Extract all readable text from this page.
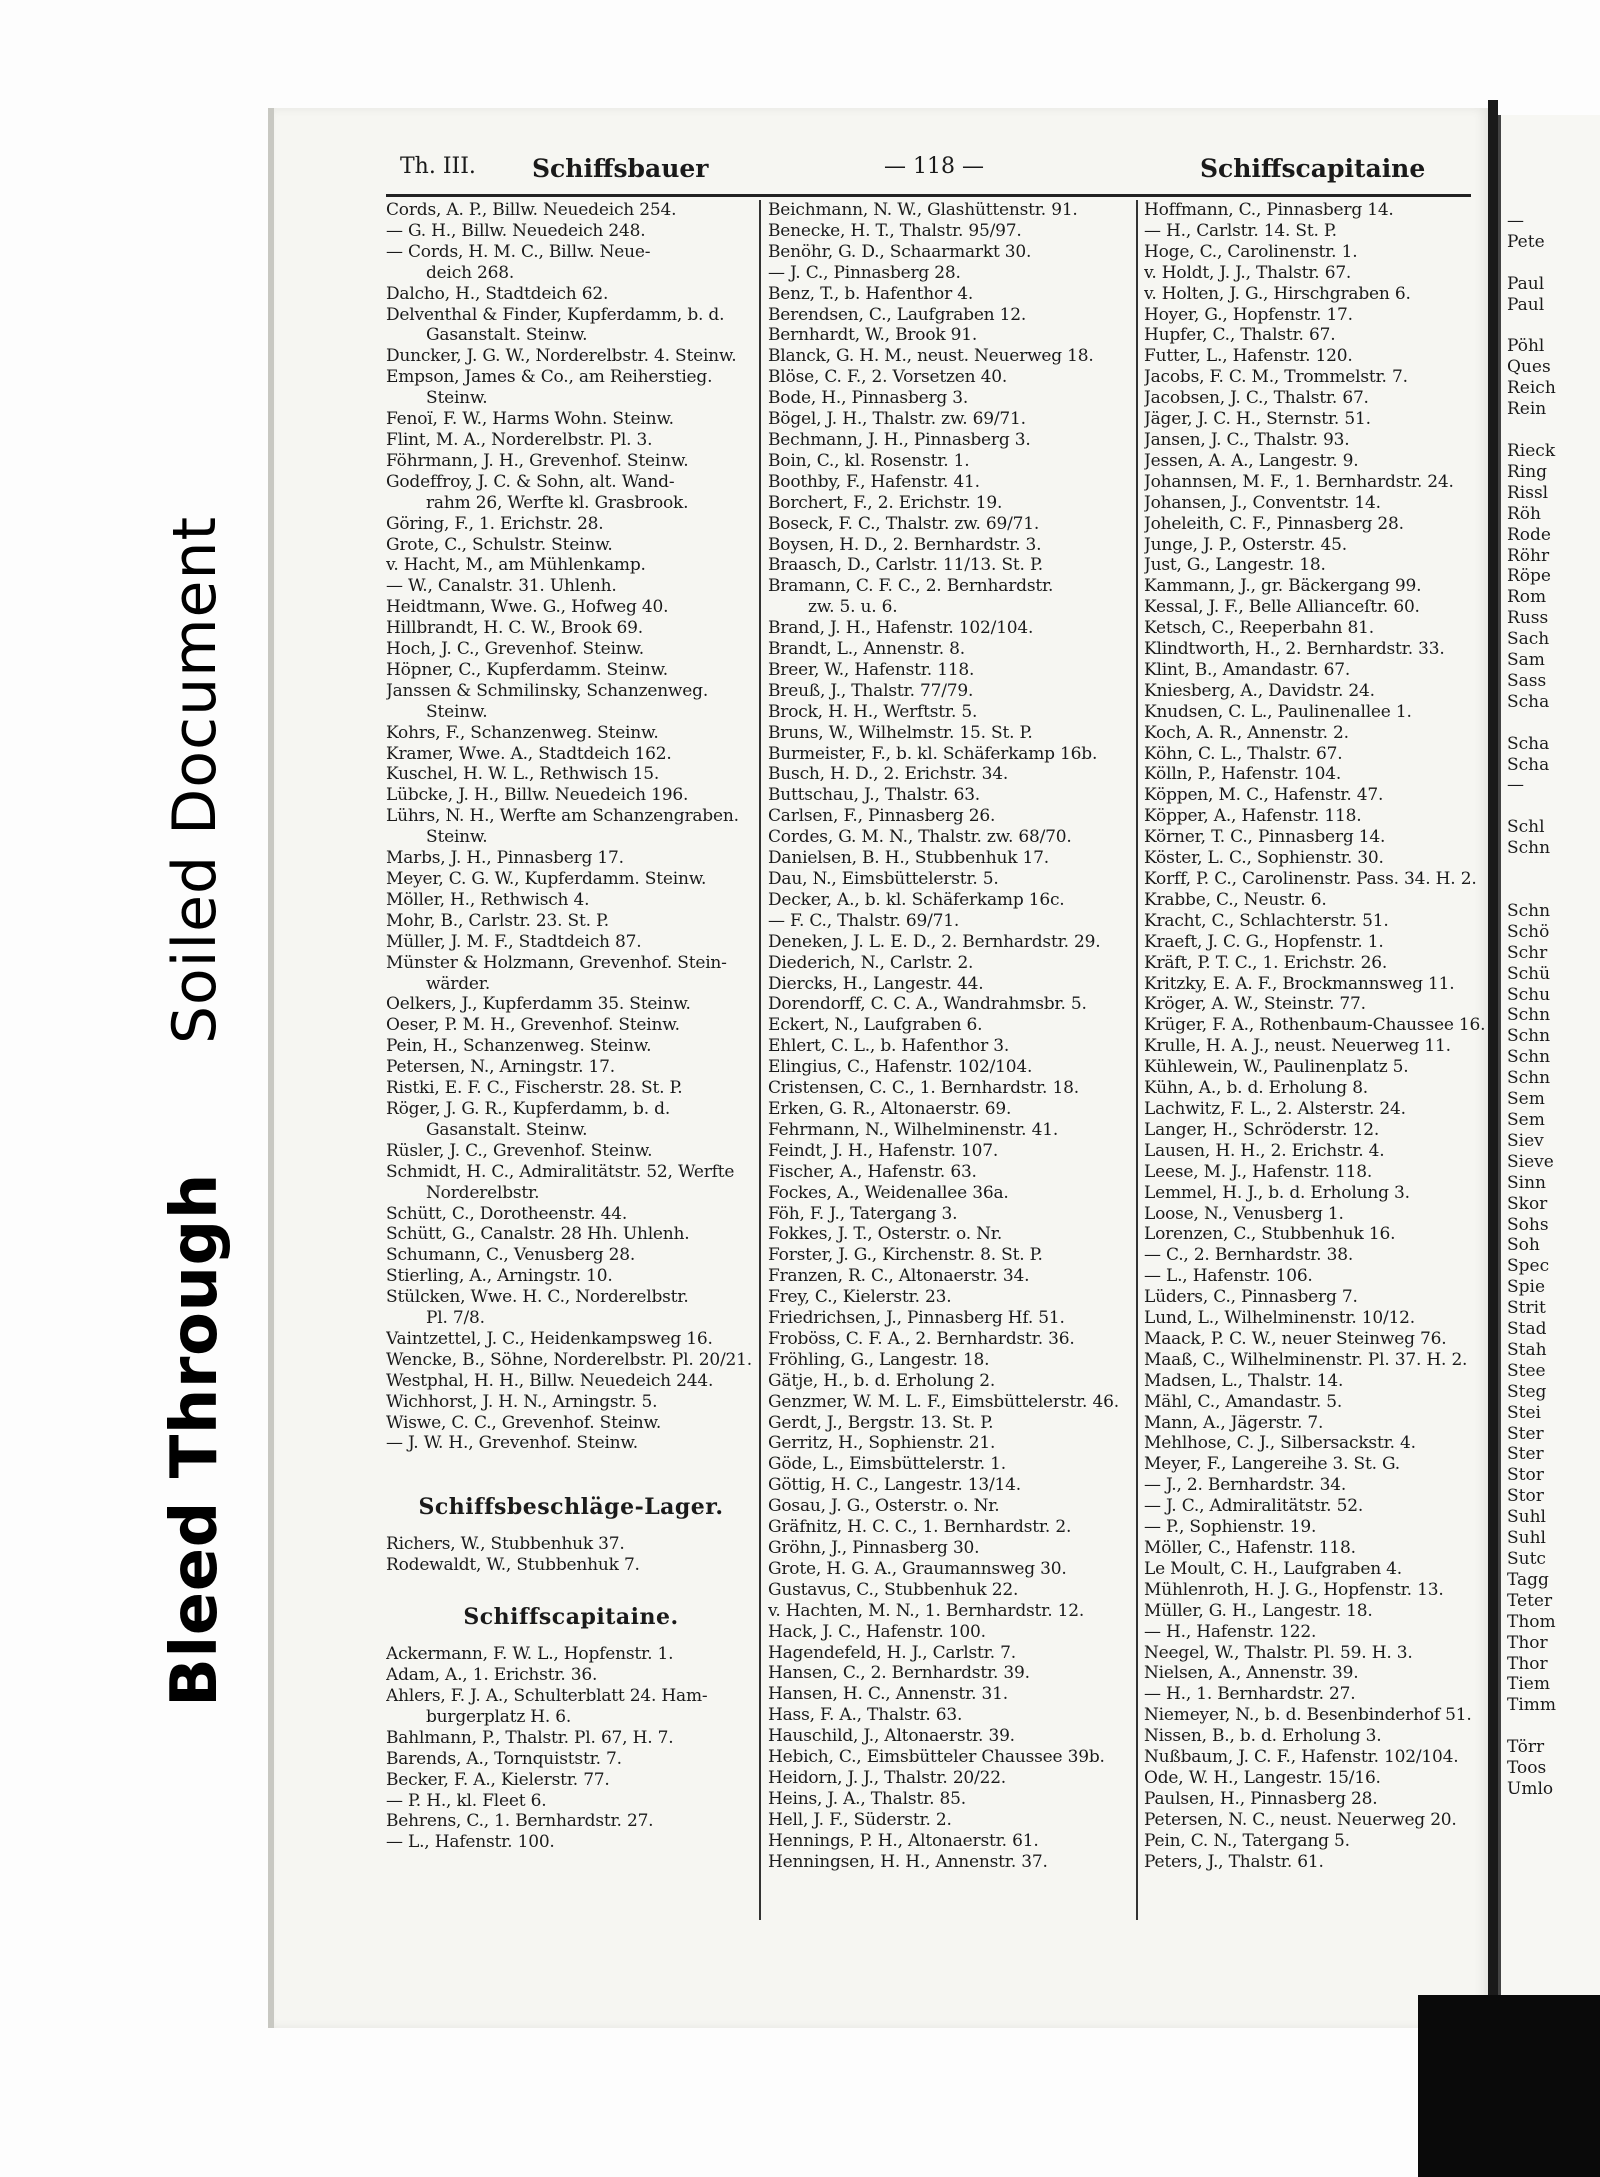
Th. III. Schiffsbauer	— 118 —	Schiffscapitaine
Cords, A. P., Billw. Neuedeich 254.
— G. H., Billw. Neuedeich 248.
— Cords, H. M. C., Billw. Neue-
deich 268.
Dalcho, H., Stadtdeich 62.
Delventhal & Finder, Kupferdamm, b. d.
Gasanstalt. Steinw.
Duncker, J. G. W., Norderelbstr. 4. Steinw.
Empson, James & Co., am Reiherstieg.
Steinw.
Fenoï, F. W., Harms Wohn. Steinw.
Flint, M. A., Norderelbstr. Pl. 3.
Föhrmann, J. H., Grevenhof. Steinw.
Godeffroy, J. C. & Sohn, alt. Wand-
rahm 26, Werfte kl. Grasbrook.
Göring, F., 1. Erichstr. 28.
Grote, C., Schulstr. Steinw.
v. Hacht, M., am Mühlenkamp.
— W., Canalstr. 31. Uhlenh.
Heidtmann, Wwe. G., Hofweg 40.
Hillbrandt, H. C. W., Brook 69.
Hoch, J. C., Grevenhof. Steinw.
Höpner, C., Kupferdamm. Steinw.
Janssen & Schmilinsky, Schanzenweg.
Steinw.
Kohrs, F., Schanzenweg. Steinw.
Kramer, Wwe. A., Stadtdeich 162.
Kuschel, H. W. L., Rethwisch 15.
Lübcke, J. H., Billw. Neuedeich 196.
Lührs, N. H., Werfte am Schanzengraben.
Steinw.
Marbs, J. H., Pinnasberg 17.
Meyer, C. G. W., Kupferdamm. Steinw.
Möller, H., Rethwisch 4.
Mohr, B., Carlstr. 23. St. P.
Müller, J. M. F., Stadtdeich 87.
Münster & Holzmann, Grevenhof. Stein-
wärder.
Oelkers, J., Kupferdamm 35. Steinw.
Oeser, P. M. H., Grevenhof. Steinw.
Pein, H., Schanzenweg. Steinw.
Petersen, N., Arningstr. 17.
Ristki, E. F. C., Fischerstr. 28. St. P.
Röger, J. G. R., Kupferdamm, b. d.
Gasanstalt. Steinw.
Rüsler, J. C., Grevenhof. Steinw.
Schmidt, H. C., Admiralitätstr. 52, Werfte
Norderelbstr.
Schütt, C., Dorotheenstr. 44.
Schütt, G., Canalstr. 28 Hh. Uhlenh.
Schumann, C., Venusberg 28.
Stierling, A., Arningstr. 10.
Stülcken, Wwe. H. C., Norderelbstr.
Pl. 7/8.
Vaintzettel, J. C., Heidenkampsweg 16.
Wencke, B., Söhne, Norderelbstr. Pl. 20/21.
Westphal, H. H., Billw. Neuedeich 244.
Wichhorst, J. H. N., Arningstr. 5.
Wiswe, C. C., Grevenhof. Steinw.
— J. W. H., Grevenhof. Steinw.
Schiffsbeschläge-Lager.
Richers, W., Stubbenhuk 37.
Rodewaldt, W., Stubbenhuk 7.
Schiffscapitaine.
Ackermann, F. W. L., Hopfenstr. 1.
Adam, A., 1. Erichstr. 36.
Ahlers, F. J. A., Schulterblatt 24. Ham-
burgerplatz H. 6.
Bahlmann, P., Thalstr. Pl. 67, H. 7.
Barends, A., Tornquiststr. 7.
Becker, F. A., Kielerstr. 77.
— P. H., kl. Fleet 6.
Behrens, C., 1. Bernhardstr. 27.
— L., Hafenstr. 100.
Beichmann, N. W., Glashüttenstr. 91.
Benecke, H. T., Thalstr. 95/97.
Benöhr, G. D., Schaarmarkt 30.
— J. C., Pinnasberg 28.
Benz, T., b. Hafenthor 4.
Berendsen, C., Laufgraben 12.
Bernhardt, W., Brook 91.
Blanck, G. H. M., neust. Neuerweg 18.
Blöse, C. F., 2. Vorsetzen 40.
Bode, H., Pinnasberg 3.
Bögel, J. H., Thalstr. zw. 69/71.
Bechmann, J. H., Pinnasberg 3.
Boin, C., kl. Rosenstr. 1.
Boothby, F., Hafenstr. 41.
Borchert, F., 2. Erichstr. 19.
Boseck, F. C., Thalstr. zw. 69/71.
Boysen, H. D., 2. Bernhardstr. 3.
Braasch, D., Carlstr. 11/13. St. P.
Bramann, C. F. C., 2. Bernhardstr.
zw. 5. u. 6.
Brand, J. H., Hafenstr. 102/104.
Brandt, L., Annenstr. 8.
Breer, W., Hafenstr. 118.
Breuß, J., Thalstr. 77/79.
Brock, H. H., Werftstr. 5.
Bruns, W., Wilhelmstr. 15. St. P.
Burmeister, F., b. kl. Schäferkamp 16b.
Busch, H. D., 2. Erichstr. 34.
Buttschau, J., Thalstr. 63.
Carlsen, F., Pinnasberg 26.
Cordes, G. M. N., Thalstr. zw. 68/70.
Danielsen, B. H., Stubbenhuk 17.
Dau, N., Eimsbüttelerstr. 5.
Decker, A., b. kl. Schäferkamp 16c.
— F. C., Thalstr. 69/71.
Deneken, J. L. E. D., 2. Bernhardstr. 29.
Diederich, N., Carlstr. 2.
Diercks, H., Langestr. 44.
Dorendorff, C. C. A., Wandrahmsbr. 5.
Eckert, N., Laufgraben 6.
Ehlert, C. L., b. Hafenthor 3.
Elingius, C., Hafenstr. 102/104.
Cristensen, C. C., 1. Bernhardstr. 18.
Erken, G. R., Altonaerstr. 69.
Fehrmann, N., Wilhelminenstr. 41.
Feindt, J. H., Hafenstr. 107.
Fischer, A., Hafenstr. 63.
Fockes, A., Weidenallee 36a.
Föh, F. J., Tatergang 3.
Fokkes, J. T., Osterstr. o. Nr.
Forster, J. G., Kirchenstr. 8. St. P.
Franzen, R. C., Altonaerstr. 34.
Frey, C., Kielerstr. 23.
Friedrichsen, J., Pinnasberg Hf. 51.
Froböss, C. F. A., 2. Bernhardstr. 36.
Fröhling, G., Langestr. 18.
Gätje, H., b. d. Erholung 2.
Genzmer, W. M. L. F., Eimsbüttelerstr. 46.
Gerdt, J., Bergstr. 13. St. P.
Gerritz, H., Sophienstr. 21.
Göde, L., Eimsbüttelerstr. 1.
Göttig, H. C., Langestr. 13/14.
Gosau, J. G., Osterstr. o. Nr.
Gräfnitz, H. C. C., 1. Bernhardstr. 2.
Gröhn, J., Pinnasberg 30.
Grote, H. G. A., Graumannsweg 30.
Gustavus, C., Stubbenhuk 22.
v. Hachten, M. N., 1. Bernhardstr. 12.
Hack, J. C., Hafenstr. 100.
Hagendefeld, H. J., Carlstr. 7.
Hansen, C., 2. Bernhardstr. 39.
Hansen, H. C., Annenstr. 31.
Hass, F. A., Thalstr. 63.
Hauschild, J., Altonaerstr. 39.
Hebich, C., Eimsbütteler Chaussee 39b.
Heidorn, J. J., Thalstr. 20/22.
Heins, J. A., Thalstr. 85.
Hell, J. F., Süderstr. 2.
Hennings, P. H., Altonaerstr. 61.
Henningsen, H. H., Annenstr. 37.
Hoffmann, C., Pinnasberg 14.
— H., Carlstr. 14. St. P.
Hoge, C., Carolinenstr. 1.
v. Holdt, J. J., Thalstr. 67.
v. Holten, J. G., Hirschgraben 6.
Hoyer, G., Hopfenstr. 17.
Hupfer, C., Thalstr. 67.
Futter, L., Hafenstr. 120.
Jacobs, F. C. M., Trommelstr. 7.
Jacobsen, J. C., Thalstr. 67.
Jäger, J. C. H., Sternstr. 51.
Jansen, J. C., Thalstr. 93.
Jessen, A. A., Langestr. 9.
Johannsen, M. F., 1. Bernhardstr. 24.
Johansen, J., Conventstr. 14.
Joheleith, C. F., Pinnasberg 28.
Junge, J. P., Osterstr. 45.
Just, G., Langestr. 18.
Kammann, J., gr. Bäckergang 99.
Kessal, J. F., Belle Allianceſtr. 60.
Ketsch, C., Reeperbahn 81.
Klindtworth, H., 2. Bernhardstr. 33.
Klint, B., Amandastr. 67.
Kniesberg, A., Davidstr. 24.
Knudsen, C. L., Paulinenallee 1.
Koch, A. R., Annenstr. 2.
Köhn, C. L., Thalstr. 67.
Kölln, P., Hafenstr. 104.
Köppen, M. C., Hafenstr. 47.
Köpper, A., Hafenstr. 118.
Körner, T. C., Pinnasberg 14.
Köster, L. C., Sophienstr. 30.
Korff, P. C., Carolinenstr. Pass. 34. H. 2.
Krabbe, C., Neustr. 6.
Kracht, C., Schlachterstr. 51.
Kraeft, J. C. G., Hopfenstr. 1.
Kräft, P. T. C., 1. Erichstr. 26.
Kritzky, E. A. F., Brockmannsweg 11.
Kröger, A. W., Steinstr. 77.
Krüger, F. A., Rothenbaum-Chaussee 16.
Krulle, H. A. J., neust. Neuerweg 11.
Kühlewein, W., Paulinenplatz 5.
Kühn, A., b. d. Erholung 8.
Lachwitz, F. L., 2. Alsterstr. 24.
Langer, H., Schröderstr. 12.
Lausen, H. H., 2. Erichstr. 4.
Leese, M. J., Hafenstr. 118.
Lemmel, H. J., b. d. Erholung 3.
Loose, N., Venusberg 1.
Lorenzen, C., Stubbenhuk 16.
— C., 2. Bernhardstr. 38.
— L., Hafenstr. 106.
Lüders, C., Pinnasberg 7.
Lund, L., Wilhelminenstr. 10/12.
Maack, P. C. W., neuer Steinweg 76.
Maaß, C., Wilhelminenstr. Pl. 37. H. 2.
Madsen, L., Thalstr. 14.
Mähl, C., Amandastr. 5.
Mann, A., Jägerstr. 7.
Mehlhose, C. J., Silbersackstr. 4.
Meyer, F., Langereihe 3. St. G.
— J., 2. Bernhardstr. 34.
— J. C., Admiralitätstr. 52.
— P., Sophienstr. 19.
Möller, C., Hafenstr. 118.
Le Moult, C. H., Laufgraben 4.
Mühlenroth, H. J. G., Hopfenstr. 13.
Müller, G. H., Langestr. 18.
— H., Hafenstr. 122.
Neegel, W., Thalstr. Pl. 59. H. 3.
Nielsen, A., Annenstr. 39.
— H., 1. Bernhardstr. 27.
Niemeyer, N., b. d. Besenbinderhof 51.
Nissen, B., b. d. Erholung 3.
Nußbaum, J. C. F., Hafenstr. 102/104.
Ode, W. H., Langestr. 15/16.
Paulsen, H., Pinnasberg 28.
Petersen, N. C., neust. Neuerweg 20.
Pein, C. N., Tatergang 5.
Peters, J., Thalstr. 61.
—
Pete

Paul
Paul

Pöhl
Ques
Reich
Rein

Rieck
Ring
Rissl
Röh
Rode
Röhr
Röpe
Rom
Russ
Sach
Sam
Sass
Scha

Scha
Scha
—

Schl
Schn

Schn
Schö
Schr
Schü
Schu
Schn
Schn
Schn
Schn
Sem
Sem
Siev
Sieve
Sinn
Skor
Sohs
Soh
Spec
Spie
Strit
Stad
Stah
Stee
Steg
Stei
Ster
Ster
Stor
Stor
Suhl
Suhl
Sutc
Tagg
Teter
Thom
Thor
Thor
Tiem
Timm

Törr
Toos
Umlo
Soiled Document
Bleed Through
